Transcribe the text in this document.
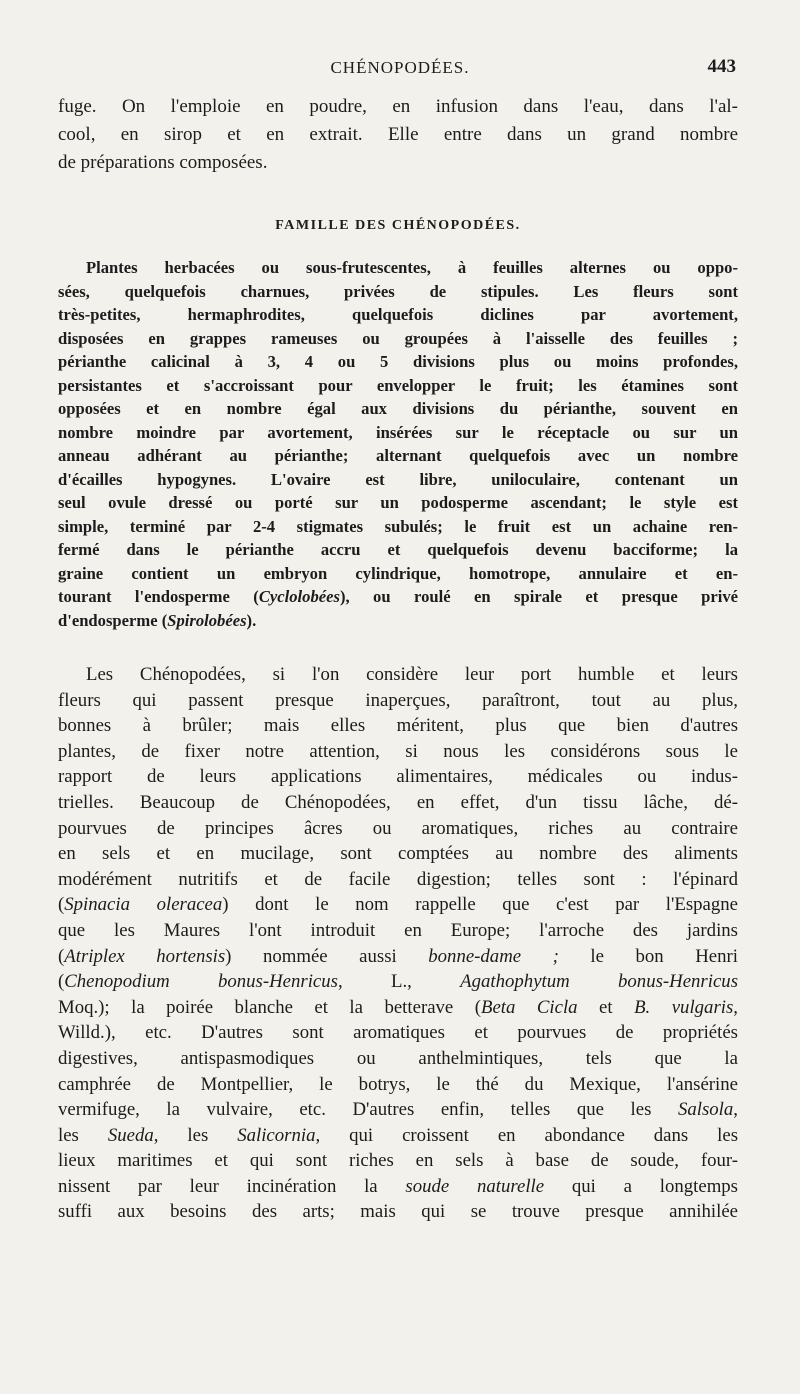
CHÉNOPODÉES.	443
fuge. On l'emploie en poudre, en infusion dans l'eau, dans l'al-
cool, en sirop et en extrait. Elle entre dans un grand nombre
de préparations composées.
FAMILLE DES CHÉNOPODÉES.
Plantes herbacées ou sous-frutescentes, à feuilles alternes ou oppo-
sées, quelquefois charnues, privées de stipules. Les fleurs sont
très-petites, hermaphrodites, quelquefois diclines par avortement,
disposées en grappes rameuses ou groupées à l'aisselle des feuilles ;
périanthe calicinal à 3, 4 ou 5 divisions plus ou moins profondes,
persistantes et s'accroissant pour envelopper le fruit; les étamines sont
opposées et en nombre égal aux divisions du périanthe, souvent en
nombre moindre par avortement, insérées sur le réceptacle ou sur un
anneau adhérant au périanthe; alternant quelquefois avec un nombre
d'écailles hypogynes. L'ovaire est libre, uniloculaire, contenant un
seul ovule dressé ou porté sur un podosperme ascendant; le style est
simple, terminé par 2-4 stigmates subulés; le fruit est un achaine ren-
fermé dans le périanthe accru et quelquefois devenu bacciforme; la
graine contient un embryon cylindrique, homotrope, annulaire et en-
tourant l'endosperme (Cyclolobées), ou roulé en spirale et presque privé
d'endosperme (Spirolobées).
Les Chénopodées, si l'on considère leur port humble et leurs
fleurs qui passent presque inaperçues, paraîtront, tout au plus,
bonnes à brûler; mais elles méritent, plus que bien d'autres
plantes, de fixer notre attention, si nous les considérons sous le
rapport de leurs applications alimentaires, médicales ou indus-
trielles. Beaucoup de Chénopodées, en effet, d'un tissu lâche, dé-
pourvues de principes âcres ou aromatiques, riches au contraire
en sels et en mucilage, sont comptées au nombre des aliments
modérément nutritifs et de facile digestion; telles sont : l'épinard
(Spinacia oleracea) dont le nom rappelle que c'est par l'Espagne
que les Maures l'ont introduit en Europe; l'arroche des jardins
(Atriplex hortensis) nommée aussi bonne-dame ; le bon Henri
(Chenopodium bonus-Henricus, L., Agathophytum bonus-Henricus
Moq.); la poirée blanche et la betterave (Beta Cicla et B. vulgaris,
Willd.), etc. D'autres sont aromatiques et pourvues de propriétés
digestives, antispasmodiques ou anthelmintiques, tels que la
camphrée de Montpellier, le botrys, le thé du Mexique, l'ansérine
vermifuge, la vulvaire, etc. D'autres enfin, telles que les Salsola,
les Sueda, les Salicornia, qui croissent en abondance dans les
lieux maritimes et qui sont riches en sels à base de soude, four-
nissent par leur incinération la soude naturelle qui a longtemps
suffi aux besoins des arts; mais qui se trouve presque annihilée
